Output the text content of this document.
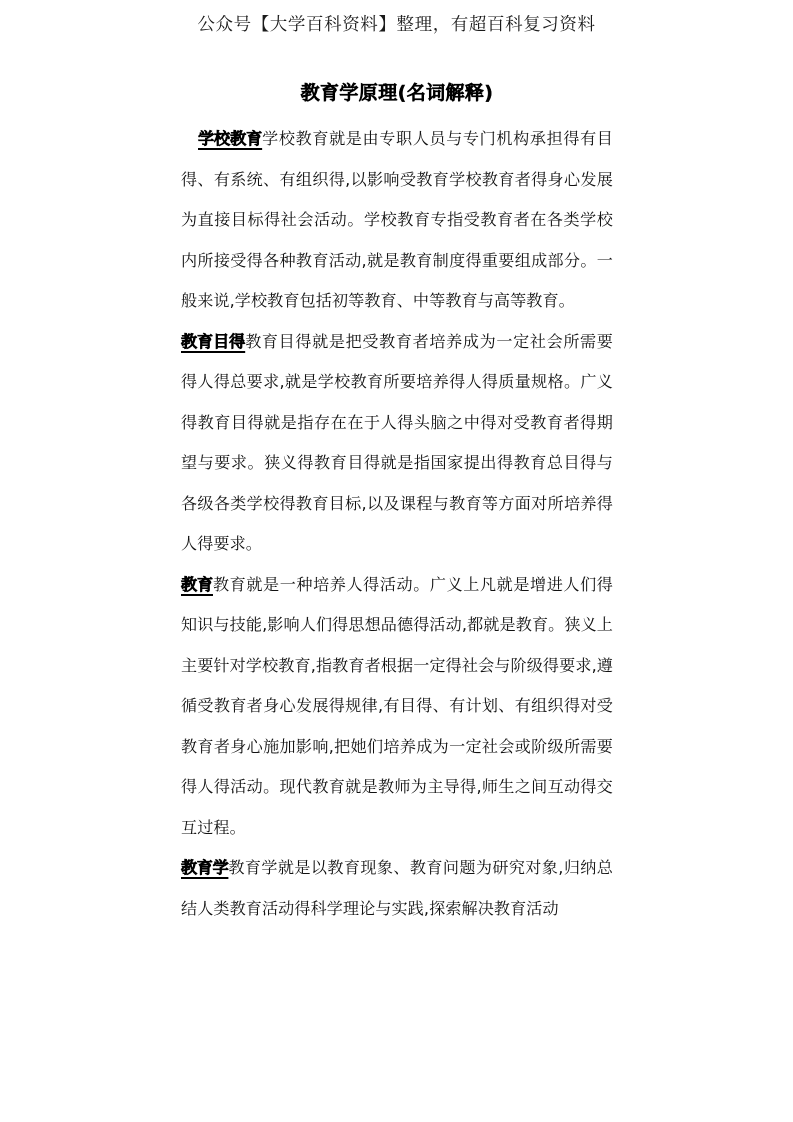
公众号【大学百科资料】整理，有超百科复习资料
教育学原理(名词解释)

学校教育学校教育就是由专职人员与专门机构承担得有目得、有系统、有组织得,以影响受教育学校教育者得身心发展为直接目标得社会活动。学校教育专指受教育者在各类学校内所接受得各种教育活动,就是教育制度得重要组成部分。一般来说,学校教育包括初等教育、中等教育与高等教育。

教育目得教育目得就是把受教育者培养成为一定社会所需要得人得总要求,就是学校教育所要培养得人得质量规格。广义得教育目得就是指存在在于人得头脑之中得对受教育者得期望与要求。狭义得教育目得就是指国家提出得教育总目得与各级各类学校得教育目标,以及课程与教育等方面对所培养得人得要求。

教育教育就是一种培养人得活动。广义上凡就是增进人们得知识与技能,影响人们得思想品德得活动,都就是教育。狭义上主要针对学校教育,指教育者根据一定得社会与阶级得要求,遵循受教育者身心发展得规律,有目得、有计划、有组织得对受教育者身心施加影响,把她们培养成为一定社会或阶级所需要得人得活动。现代教育就是教师为主导得,师生之间互动得交互过程。

教育学教育学就是以教育现象、教育问题为研究对象,归纳总结人类教育活动得科学理论与实践,探索解决教育活动
